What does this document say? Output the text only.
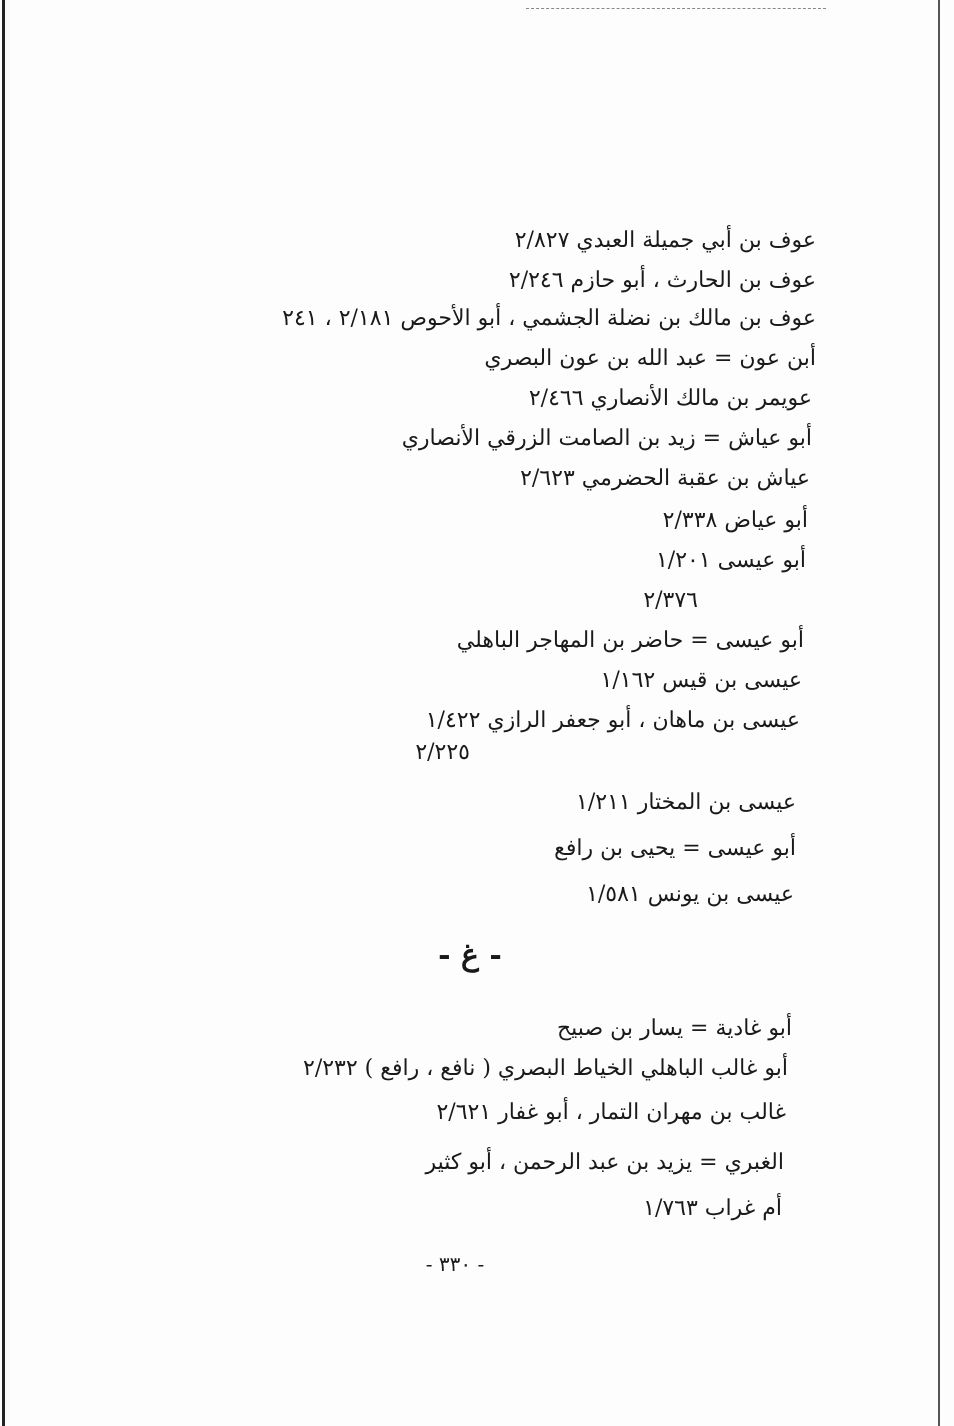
عوف بن أبي جميلة العبدي ٢/٨٢٧
عوف بن الحارث ، أبو حازم ٢/٢٤٦
عوف بن مالك بن نضلة الجشمي ، أبو الأحوص ٢/١٨١ ، ٢٤١
أبن عون = عبد الله بن عون البصري
عويمر بن مالك الأنصاري ٢/٤٦٦
أبو عياش = زيد بن الصامت الزرقي الأنصاري
عياش بن عقبة الحضرمي ٢/٦٢٣
أبو عياض ٢/٣٣٨
أبو عيسى ١/٢٠١
٢/٣٧٦
أبو عيسى = حاضر بن المهاجر الباهلي
عيسى بن قيس ١/١٦٢
عيسى بن ماهان ، أبو جعفر الرازي ١/٤٢٢
٢/٢٢٥
عيسى بن المختار ١/٢١١
أبو عيسى = يحيى بن رافع
عيسى بن يونس ١/٥٨١
- غ -
أبو غادية = يسار بن صبيح
أبو غالب الباهلي الخياط البصري ( نافع ، رافع ) ٢/٢٣٢
غالب بن مهران التمار ، أبو غفار ٢/٦٢١
الغبري = يزيد بن عبد الرحمن ، أبو كثير
أم غراب ١/٧٦٣
- ٣٣٠ -
